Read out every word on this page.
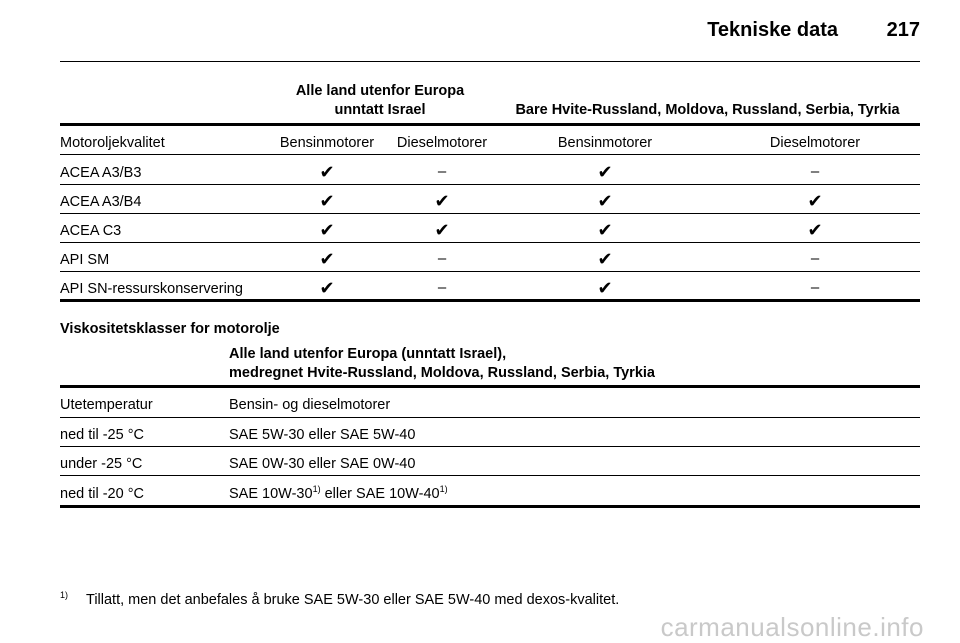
Tekniske data	217
Alle land utenfor Europa
unntatt Israel	Bare Hvite-Russland, Moldova, Russland, Serbia, Tyrkia
Motoroljekvalitet	Bensinmotorer	Dieselmotorer	Bensinmotorer	Dieselmotorer
ACEA A3/B3	✔	–	✔	–
ACEA A3/B4	✔	✔	✔	✔
ACEA C3	✔	✔	✔	✔
API SM	✔	–	✔	–
API SN-ressurskonservering	✔	–	✔	–
Viskositetsklasser for motorolje
Alle land utenfor Europa (unntatt Israel),
medregnet Hvite-Russland, Moldova, Russland, Serbia, Tyrkia
Utetemperatur	Bensin- og dieselmotorer
ned til -25 °C	SAE 5W-30 eller SAE 5W-40
under -25 °C	SAE 0W-30 eller SAE 0W-40
ned til -20 °C	SAE 10W-30$^{1)}$ eller SAE 10W-40$^{1)}$
1) Tillatt, men det anbefales å bruke SAE 5W-30 eller SAE 5W-40 med dexos-kvalitet.
carmanualsonline.info
